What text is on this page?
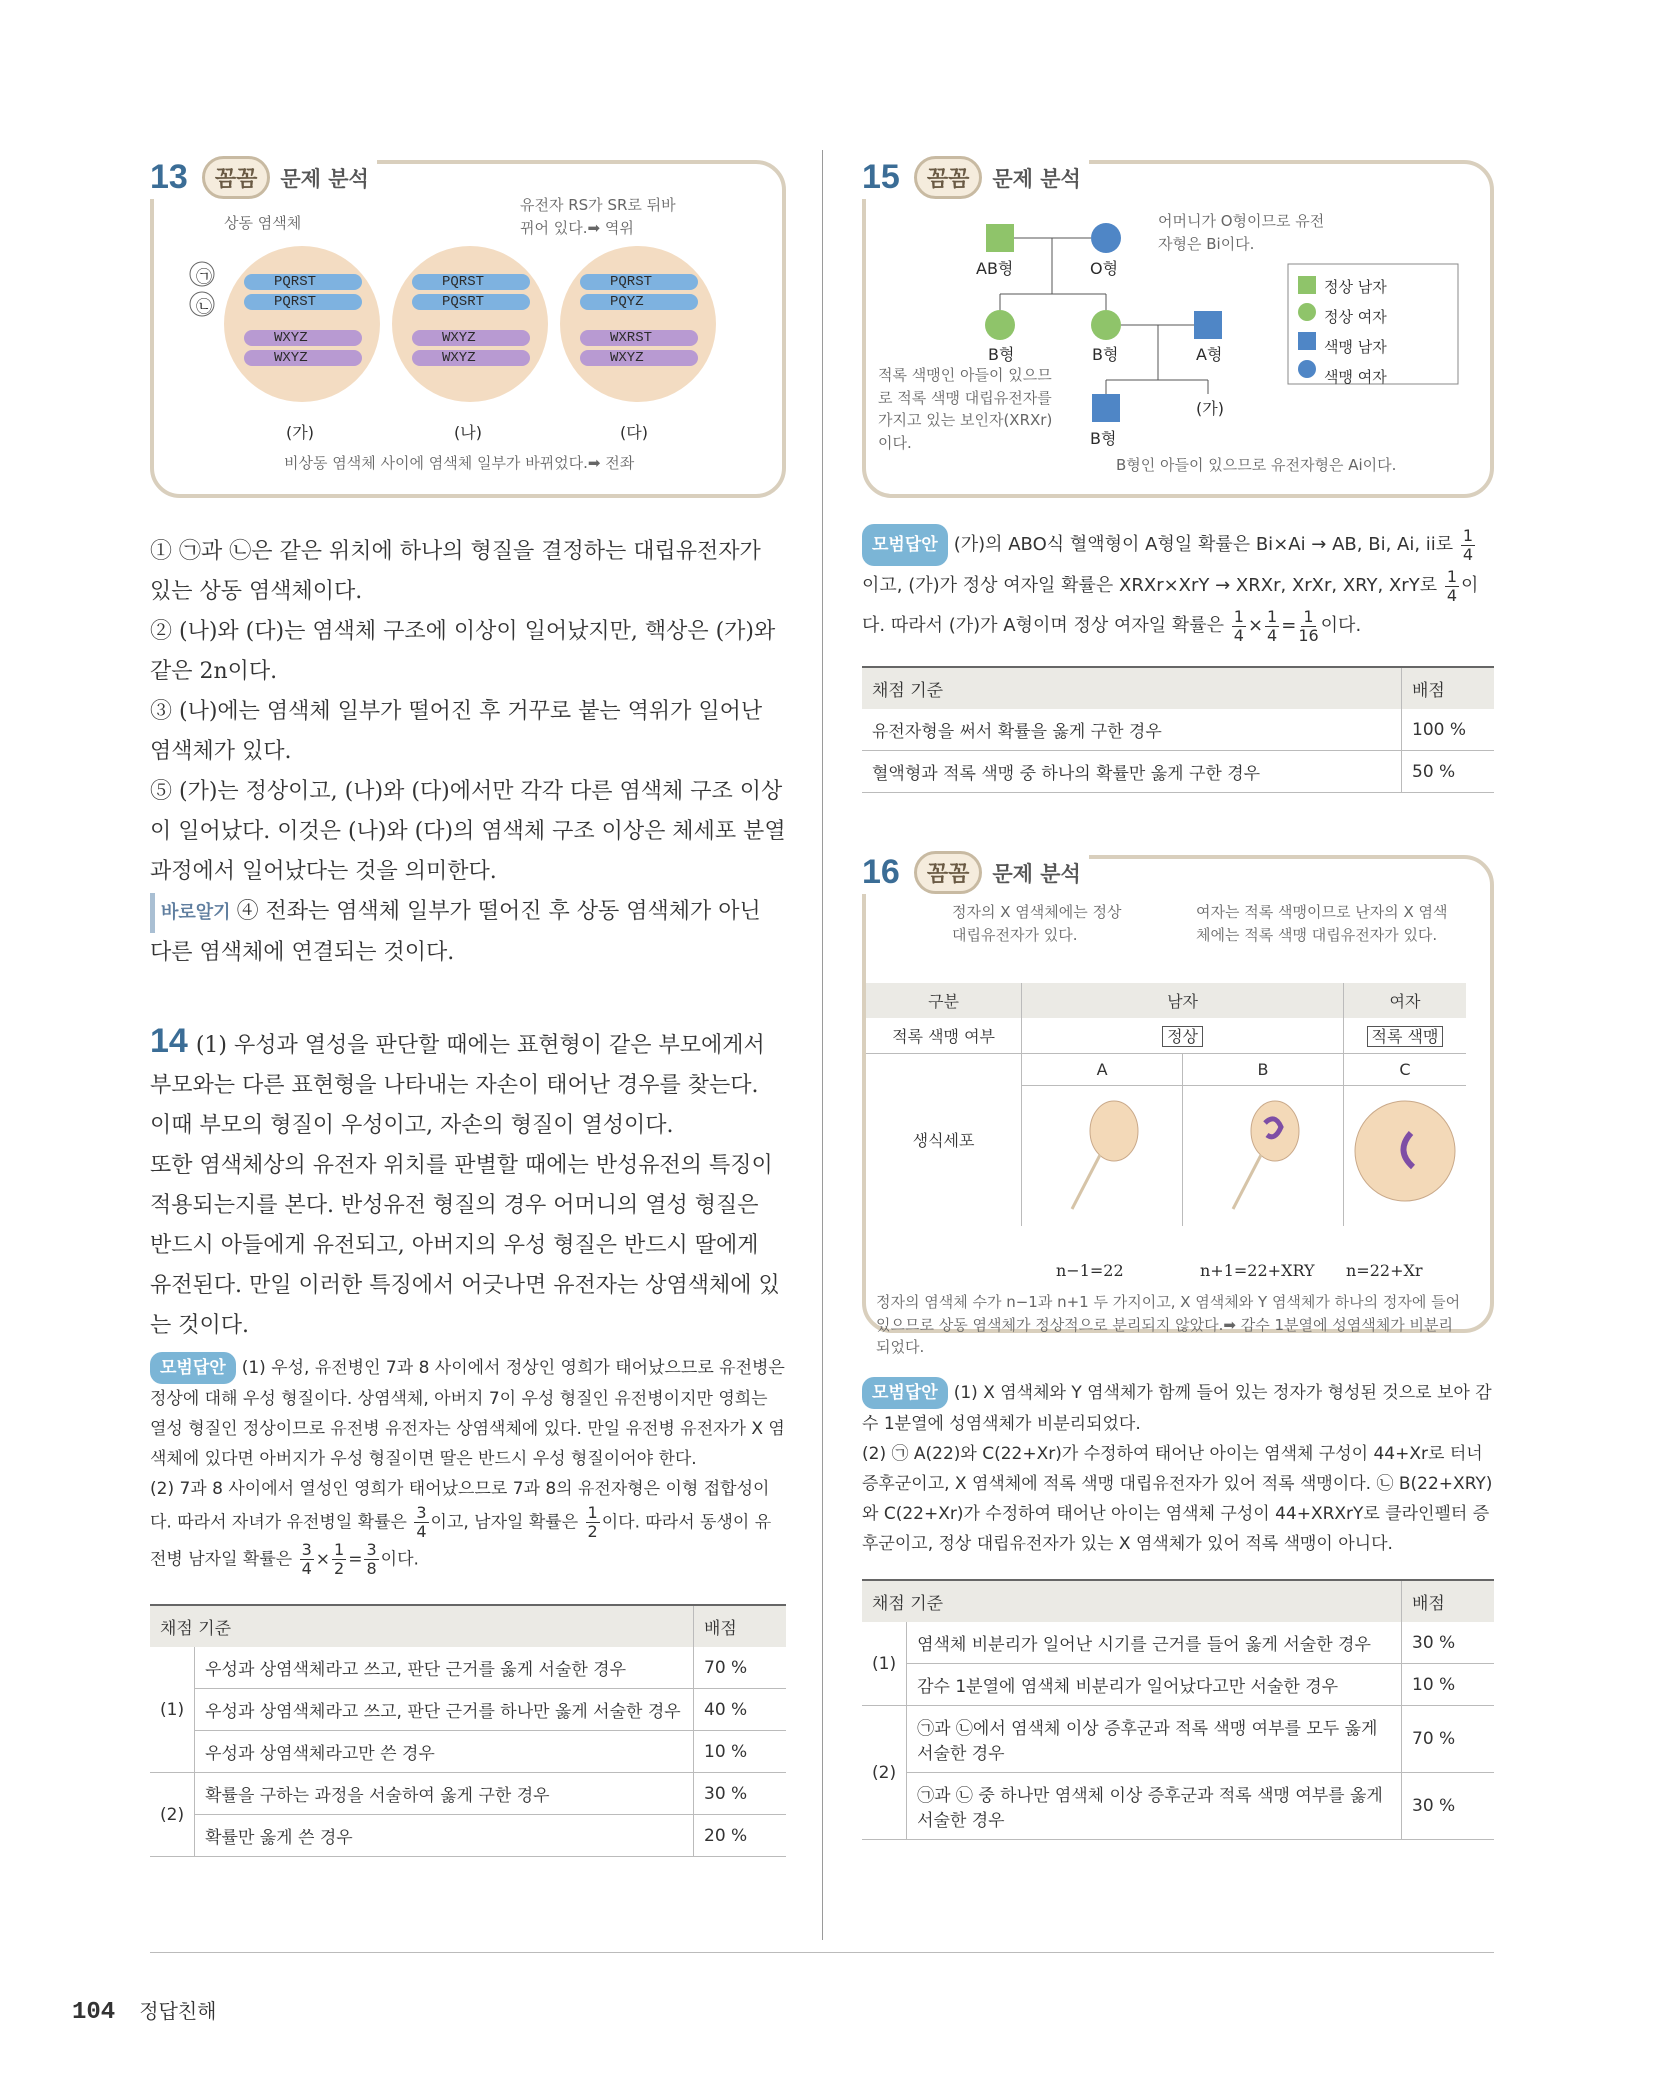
13	꼼꼼	문제 분석
상동 염색체
유전자 RS가 SR로 뒤바
뀌어 있다.➡ 역위
㉠
㉡
PQRST
PQRST
WXYZ
WXYZ
PQRST
PQSRT
WXYZ
WXYZ
PQRST
PQYZ
WXRST
WXYZ
(가)	(나)	(다)
비상동 염색체 사이에 염색체 일부가 바뀌었다.➡ 전좌

① ㉠과 ㉡은 같은 위치에 하나의 형질을 결정하는 대립유전자가 있는 상동 염색체이다.

② (나)와 (다)는 염색체 구조에 이상이 일어났지만, 핵상은 (가)와 같은 2n이다.

③ (나)에는 염색체 일부가 떨어진 후 거꾸로 붙는 역위가 일어난 염색체가 있다.

⑤ (가)는 정상이고, (나)와 (다)에서만 각각 다른 염색체 구조 이상이 일어났다. 이것은 (나)와 (다)의 염색체 구조 이상은 체세포 분열 과정에서 일어났다는 것을 의미한다.

바로알기 ④ 전좌는 염색체 일부가 떨어진 후 상동 염색체가 아닌 다른 염색체에 연결되는 것이다.

14 (1) 우성과 열성을 판단할 때에는 표현형이 같은 부모에게서 부모와는 다른 표현형을 나타내는 자손이 태어난 경우를 찾는다. 이때 부모의 형질이 우성이고, 자손의 형질이 열성이다.

또한 염색체상의 유전자 위치를 판별할 때에는 반성유전의 특징이 적용되는지를 본다. 반성유전 형질의 경우 어머니의 열성 형질은 반드시 아들에게 유전되고, 아버지의 우성 형질은 반드시 딸에게 유전된다. 만일 이러한 특징에서 어긋나면 유전자는 상염색체에 있는 것이다.

모범답안 (1) 우성, 유전병인 7과 8 사이에서 정상인 영희가 태어났으므로 유전병은 정상에 대해 우성 형질이다. 상염색체, 아버지 7이 우성 형질인 유전병이지만 영희는 열성 형질인 정상이므로 유전병 유전자는 상염색체에 있다. 만일 유전병 유전자가 X 염색체에 있다면 아버지가 우성 형질이면 딸은 반드시 우성 형질이어야 한다.
(2) 7과 8 사이에서 열성인 영희가 태어났으므로 7과 8의 유전자형은 이형 접합성이다. 따라서 자녀가 유전병일 확률은 $\frac{3}{4}$ 이고, 남자일 확률은 $\frac{1}{2}$ 이다. 따라서 동생이 유전병 남자일 확률은 $\frac{3}{4} \times \frac{1}{2} = \frac{3}{8}$ 이다.
채점 기준		배점
(1)	우성과 상염색체라고 쓰고, 판단 근거를 옳게 서술한 경우	70 %
	우성과 상염색체라고 쓰고, 판단 근거를 하나만 옳게 서술한 경우	40 %
	우성과 상염색체라고만 쓴 경우	10 %
(2)	확률을 구하는 과정을 서술하여 옳게 구한 경우	30 %
	확률만 옳게 쓴 경우	20 %
15	꼼꼼	문제 분석
AB형	O형
B형	B형	A형
B형
(가)
어머니가 O형이므로 유전
자형은 Bi이다.
적록 색맹인 아들이 있으므
로 적록 색맹 대립유전자를
가지고 있는 보인자(XRXr)
이다.
B형인 아들이 있으므로 유전자형은 Ai이다.
정상 남자
정상 여자
색맹 남자
색맹 여자
모범답안 (가)의 ABO식 혈액형이 A형일 확률은 Bi×Ai → AB, Bi, Ai, ii로 $\frac{1}{4}$
이고, (가)가 정상 여자일 확률은 XRXr×XrY → XRXr, XrXr, XRY, XrY로 $\frac{1}{4}$ 이다. 따라서 (가)가 A형이며 정상 여자일 확률은 $\frac{1}{4} \times \frac{1}{4} = \frac{1}{16}$ 이다.
채점 기준	배점
유전자형을 써서 확률을 옳게 구한 경우	100 %
혈액형과 적록 색맹 중 하나의 확률만 옳게 구한 경우	50 %
16	꼼꼼	문제 분석
정자의 X 염색체에는 정상
대립유전자가 있다.
여자는 적록 색맹이므로 난자의 X 염색
체에는 적록 색맹 대립유전자가 있다.
구분	남자		여자
적록 색맹 여부	정상		적록 색맹
생식세포	A	B	C

n−1=22	n+1=22+XRY n=22+Xr
정자의 염색체 수가 n−1과 n+1 두 가지이고, X 염색체와 Y 염색체가 하나의 정자에 들어 있으므로 상동 염색체가 정상적으로 분리되지 않았다.➡ 감수 1분열에 성염색체가 비분리되었다.
모범답안 (1) X 염색체와 Y 염색체가 함께 들어 있는 정자가 형성된 것으로 보아 감수 1분열에 성염색체가 비분리되었다.
(2) ㉠ A(22)와 C(22+Xr)가 수정하여 태어난 아이는 염색체 구성이 44+Xr로 터너 증후군이고, X 염색체에 적록 색맹 대립유전자가 있어 적록 색맹이다. ㉡ B(22+XRY)와 C(22+Xr)가 수정하여 태어난 아이는 염색체 구성이 44+XRXrY로 클라인펠터 증후군이고, 정상 대립유전자가 있는 X 염색체가 있어 적록 색맹이 아니다.
채점 기준		배점
(1)	염색체 비분리가 일어난 시기를 근거를 들어 옳게 서술한 경우	30 %
	감수 1분열에 염색체 비분리가 일어났다고만 서술한 경우	10 %
(2)	㉠과 ㉡에서 염색체 이상 증후군과 적록 색맹 여부를 모두 옳게 서술한 경우	70 %
	㉠과 ㉡ 중 하나만 염색체 이상 증후군과 적록 색맹 여부를 옳게 서술한 경우	30 %
104 정답친해
